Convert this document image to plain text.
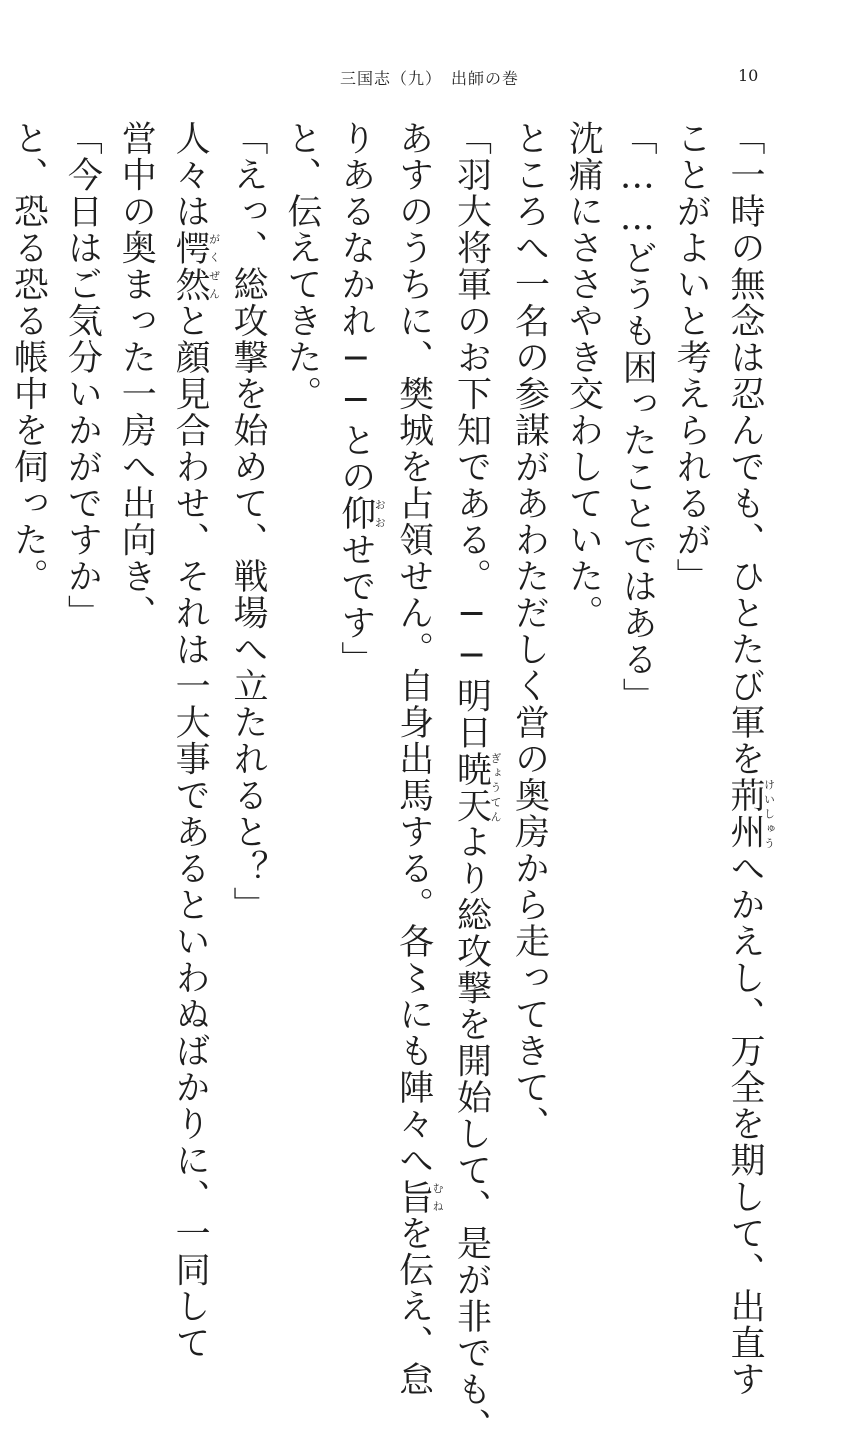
三国志（九）　出師の巻	10
「一時の無念は忍んでも、ひとたび軍を荊州けいしゅうへかえし、万全を期して、出直す
ことがよいと考えられるが」
「……どうも困ったことではある」
沈痛にささやき交わしていた。
ところへ一名の参謀があわただしく営の奥房から走ってきて、
「羽大将軍のお下知である。──明日暁天ぎょうてんより総攻撃を開始して、是が非でも、
あすのうちに、樊城を占領せん。自身出馬する。各〻にも陣々へ旨むねを伝え、怠
りあるなかれ──との仰おおせです」
と、伝えてきた。
「えっ、総攻撃を始めて、戦場へ立たれると？」
人々は愕然がくぜんと顔見合わせ、それは一大事であるといわぬばかりに、一同して
営中の奥まった一房へ出向き、
「今日はご気分いかがですか」
と、恐る恐る帳中を伺った。
